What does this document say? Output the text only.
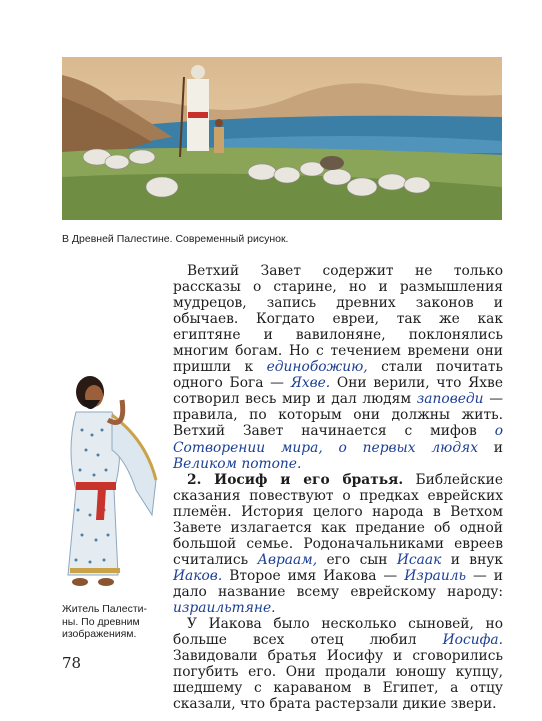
В Древней Палестине. Современный рисунок.
Житель Палести-
ны. По древним
изображениям.

Ветхий Завет содержит не только рассказы о старине, но и размышления мудрецов, запись древних законов и обычаев. Когдато евреи, так же как египтяне и вавилоняне, поклонялись многим богам. Но с течением времени они пришли к единобожию, стали почитать одного Бога — Яхве. Они верили, что Яхве сотворил весь мир и дал людям заповеди — правила, по которым они должны жить. Ветхий Завет начинается с мифов о Сотворении мира, о первых людях и Великом потопе.

2. Иосиф и его братья. Библейские сказания повествуют о предках еврейских племён. История целого народа в Ветхом Завете излагается как предание об одной большой семье. Родоначальниками евреев считались Авраам, его сын Исаак и внук Иаков. Второе имя Иакова — Израиль — и дало название всему еврейскому народу: израильтяне.

У Иакова было несколько сыновей, но больше всех отец любил Иосифа. Завидовали братья Иосифу и сговорились погубить его. Они продали юношу купцу, шедшему с караваном в Египет, а отцу сказали, что брата растерзали дикие звери.

78
